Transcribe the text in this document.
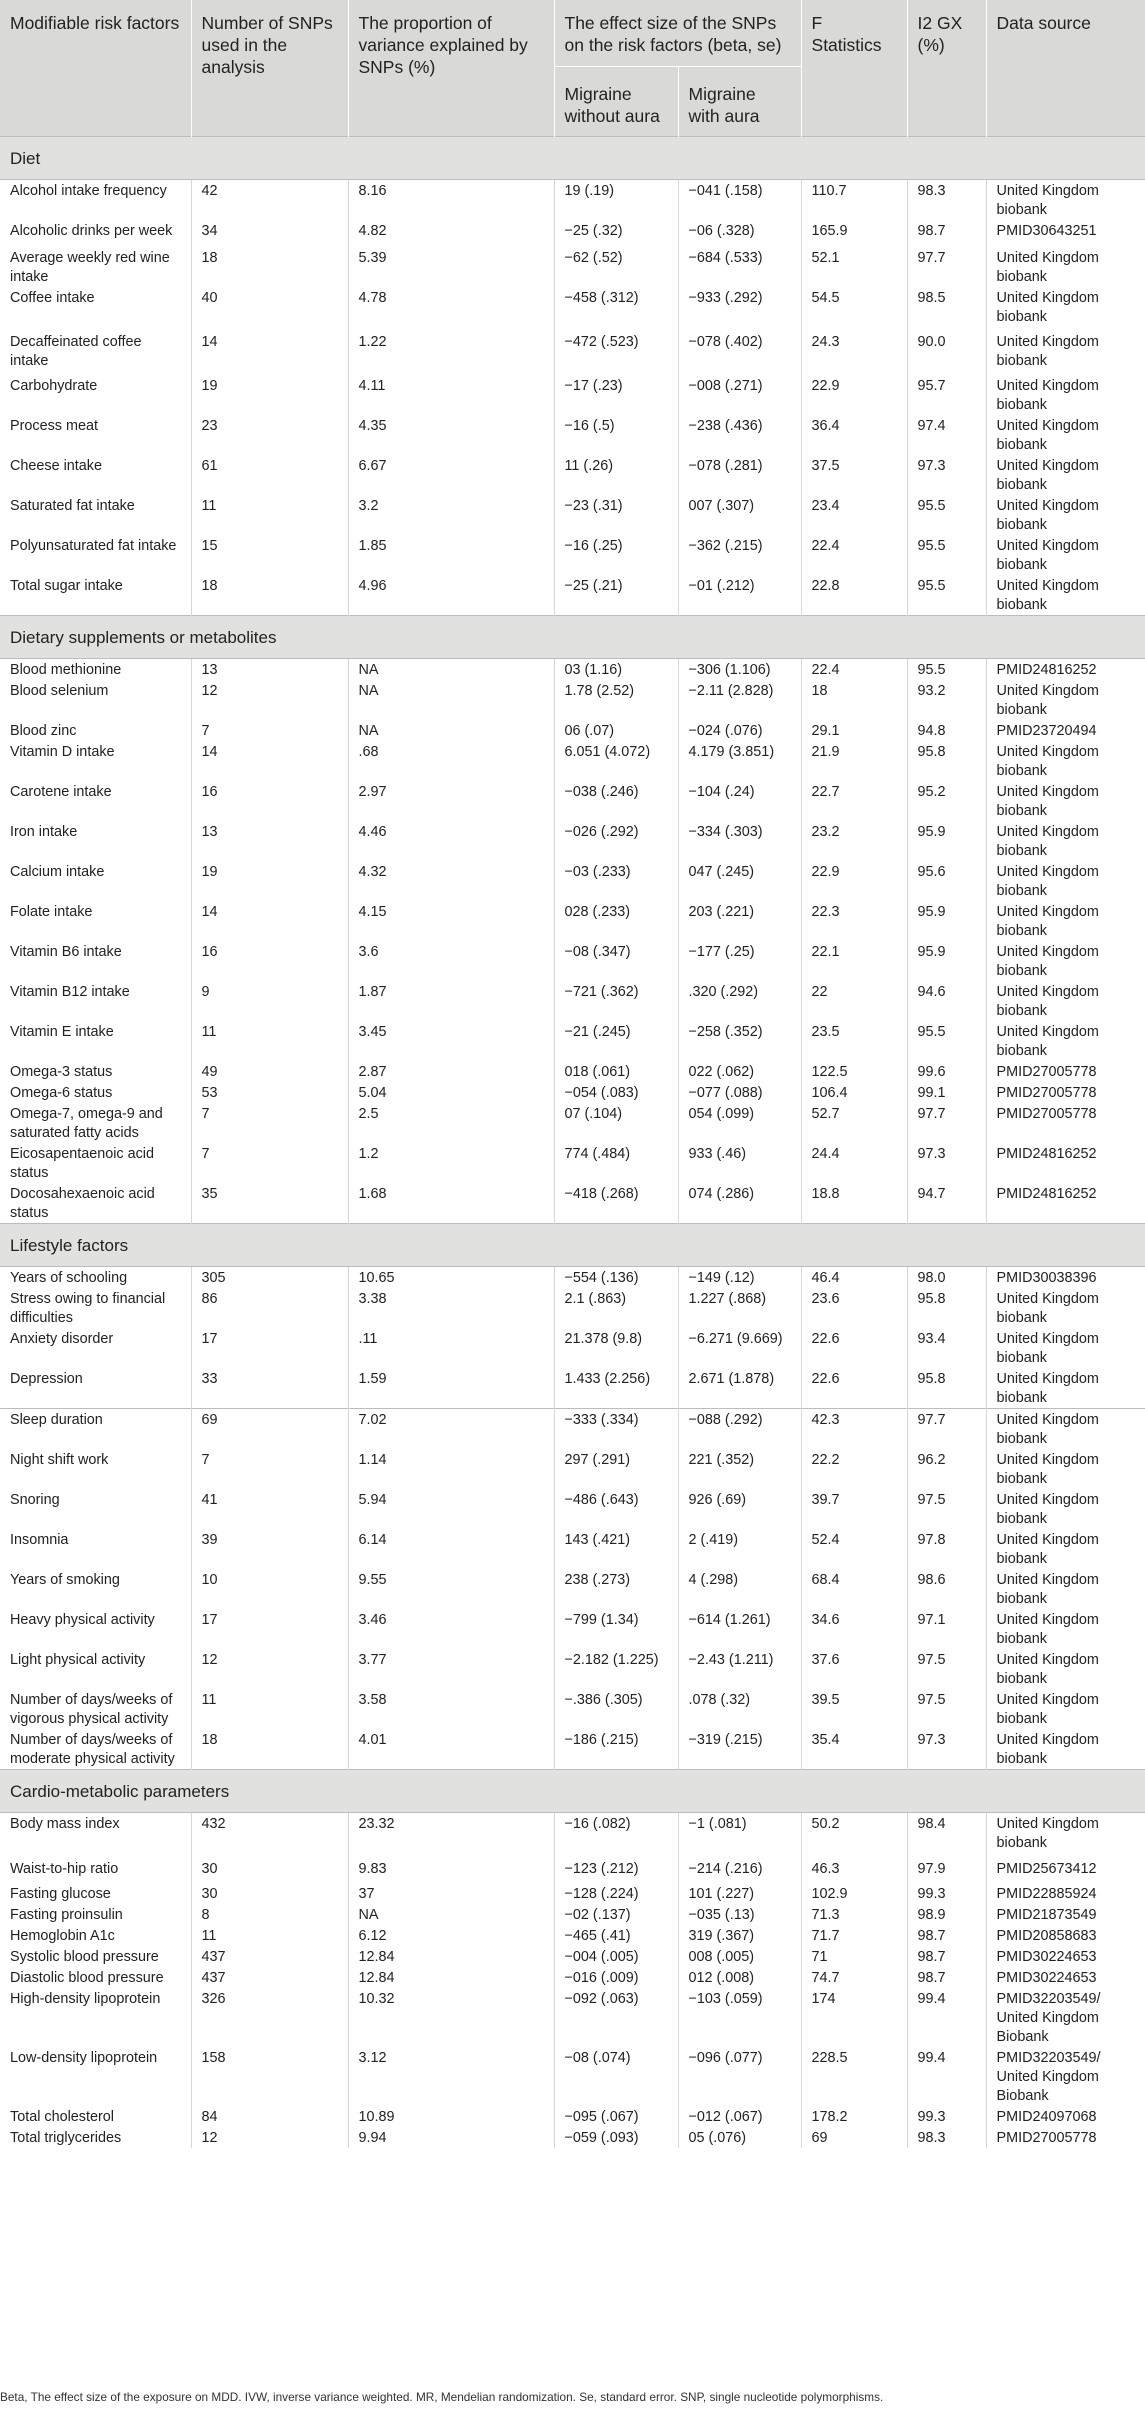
Modifiable risk factors	Number of SNPs used in the analysis	The proportion of variance explained by SNPs (%)	The effect size of the SNPs on the risk factors (beta, se)		F Statistics	I2 GX (%)	Data source
			Migraine without aura	Migraine with aura			
Diet							
Alcohol intake frequency	42	8.16	19 (.19)	−041 (.158)	110.7	98.3	United Kingdom biobank
Alcoholic drinks per week	34	4.82	−25 (.32)	−06 (.328)	165.9	98.7	PMID30643251
Average weekly red wine intake	18	5.39	−62 (.52)	−684 (.533)	52.1	97.7	United Kingdom biobank
Coffee intake	40	4.78	−458 (.312)	−933 (.292)	54.5	98.5	United Kingdom biobank
Decaffeinated coffee intake	14	1.22	−472 (.523)	−078 (.402)	24.3	90.0	United Kingdom biobank
Carbohydrate	19	4.11	−17 (.23)	−008 (.271)	22.9	95.7	United Kingdom biobank
Process meat	23	4.35	−16 (.5)	−238 (.436)	36.4	97.4	United Kingdom biobank
Cheese intake	61	6.67	11 (.26)	−078 (.281)	37.5	97.3	United Kingdom biobank
Saturated fat intake	11	3.2	−23 (.31)	007 (.307)	23.4	95.5	United Kingdom biobank
Polyunsaturated fat intake	15	1.85	−16 (.25)	−362 (.215)	22.4	95.5	United Kingdom biobank
Total sugar intake	18	4.96	−25 (.21)	−01 (.212)	22.8	95.5	United Kingdom biobank
Dietary supplements or metabolites							
Blood methionine	13	NA	03 (1.16)	−306 (1.106)	22.4	95.5	PMID24816252
Blood selenium	12	NA	1.78 (2.52)	−2.11 (2.828)	18	93.2	United Kingdom biobank
Blood zinc	7	NA	06 (.07)	−024 (.076)	29.1	94.8	PMID23720494
Vitamin D intake	14	.68	6.051 (4.072)	4.179 (3.851)	21.9	95.8	United Kingdom biobank
Carotene intake	16	2.97	−038 (.246)	−104 (.24)	22.7	95.2	United Kingdom biobank
Iron intake	13	4.46	−026 (.292)	−334 (.303)	23.2	95.9	United Kingdom biobank
Calcium intake	19	4.32	−03 (.233)	047 (.245)	22.9	95.6	United Kingdom biobank
Folate intake	14	4.15	028 (.233)	203 (.221)	22.3	95.9	United Kingdom biobank
Vitamin B6 intake	16	3.6	−08 (.347)	−177 (.25)	22.1	95.9	United Kingdom biobank
Vitamin B12 intake	9	1.87	−721 (.362)	.320 (.292)	22	94.6	United Kingdom biobank
Vitamin E intake	11	3.45	−21 (.245)	−258 (.352)	23.5	95.5	United Kingdom biobank
Omega-3 status	49	2.87	018 (.061)	022 (.062)	122.5	99.6	PMID27005778
Omega-6 status	53	5.04	−054 (.083)	−077 (.088)	106.4	99.1	PMID27005778
Omega-7, omega-9 and saturated fatty acids	7	2.5	07 (.104)	054 (.099)	52.7	97.7	PMID27005778
Eicosapentaenoic acid status	7	1.2	774 (.484)	933 (.46)	24.4	97.3	PMID24816252
Docosahexaenoic acid status	35	1.68	−418 (.268)	074 (.286)	18.8	94.7	PMID24816252
Lifestyle factors							
Years of schooling	305	10.65	−554 (.136)	−149 (.12)	46.4	98.0	PMID30038396
Stress owing to financial difficulties	86	3.38	2.1 (.863)	1.227 (.868)	23.6	95.8	United Kingdom biobank
Anxiety disorder	17	.11	21.378 (9.8)	−6.271 (9.669)	22.6	93.4	United Kingdom biobank
Depression	33	1.59	1.433 (2.256)	2.671 (1.878)	22.6	95.8	United Kingdom biobank
Sleep duration	69	7.02	−333 (.334)	−088 (.292)	42.3	97.7	United Kingdom biobank
Night shift work	7	1.14	297 (.291)	221 (.352)	22.2	96.2	United Kingdom biobank
Snoring	41	5.94	−486 (.643)	926 (.69)	39.7	97.5	United Kingdom biobank
Insomnia	39	6.14	143 (.421)	2 (.419)	52.4	97.8	United Kingdom biobank
Years of smoking	10	9.55	238 (.273)	4 (.298)	68.4	98.6	United Kingdom biobank
Heavy physical activity	17	3.46	−799 (1.34)	−614 (1.261)	34.6	97.1	United Kingdom biobank
Light physical activity	12	3.77	−2.182 (1.225)	−2.43 (1.211)	37.6	97.5	United Kingdom biobank
Number of days/weeks of vigorous physical activity	11	3.58	−.386 (.305)	.078 (.32)	39.5	97.5	United Kingdom biobank
Number of days/weeks of moderate physical activity	18	4.01	−186 (.215)	−319 (.215)	35.4	97.3	United Kingdom biobank
Cardio-metabolic parameters							
Body mass index	432	23.32	−16 (.082)	−1 (.081)	50.2	98.4	United Kingdom biobank
Waist-to-hip ratio	30	9.83	−123 (.212)	−214 (.216)	46.3	97.9	PMID25673412
Fasting glucose	30	37	−128 (.224)	101 (.227)	102.9	99.3	PMID22885924
Fasting proinsulin	8	NA	−02 (.137)	−035 (.13)	71.3	98.9	PMID21873549
Hemoglobin A1c	11	6.12	−465 (.41)	319 (.367)	71.7	98.7	PMID20858683
Systolic blood pressure	437	12.84	−004 (.005)	008 (.005)	71	98.7	PMID30224653
Diastolic blood pressure	437	12.84	−016 (.009)	012 (.008)	74.7	98.7	PMID30224653
High-density lipoprotein	326	10.32	−092 (.063)	−103 (.059)	174	99.4	PMID32203549/ United Kingdom Biobank
Low-density lipoprotein	158	3.12	−08 (.074)	−096 (.077)	228.5	99.4	PMID32203549/ United Kingdom Biobank
Total cholesterol	84	10.89	−095 (.067)	−012 (.067)	178.2	99.3	PMID24097068
Total triglycerides	12	9.94	−059 (.093)	05 (.076)	69	98.3	PMID27005778
Beta, The effect size of the exposure on MDD. IVW, inverse variance weighted. MR, Mendelian randomization. Se, standard error. SNP, single nucleotide polymorphisms.
